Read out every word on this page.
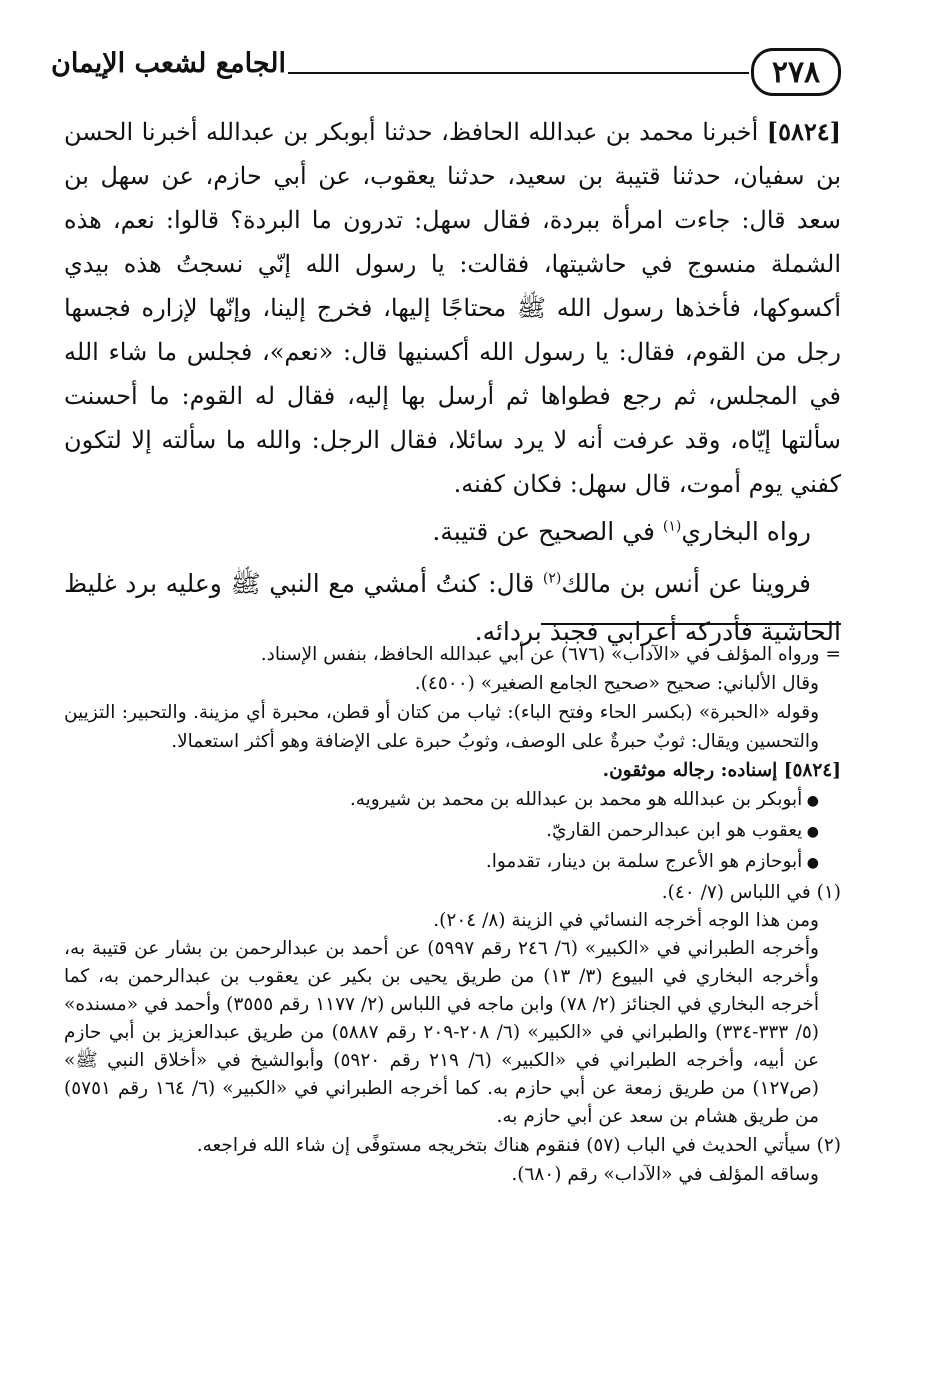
٢٧٨
الجامع لشعب الإيمان

[٥٨٢٤] أخبرنا محمد بن عبدالله الحافظ، حدثنا أبوبكر بن عبدالله أخبرنا الحسن بن سفيان، حدثنا قتيبة بن سعيد، حدثنا يعقوب، عن أبي حازم، عن سهل بن سعد قال: جاءت امرأة ببردة، فقال سهل: تدرون ما البردة؟ قالوا: نعم، هذه الشملة منسوج في حاشيتها، فقالت: يا رسول الله إنّي نسجتُ هذه بيدي أكسوكها، فأخذها رسول الله ﷺ محتاجًا إليها، فخرج إلينا، وإنّها لإزاره فجسها رجل من القوم، فقال: يا رسول الله أكسنيها قال: «نعم»، فجلس ما شاء الله في المجلس، ثم رجع فطواها ثم أرسل بها إليه، فقال له القوم: ما أحسنت سألتها إيّاه، وقد عرفت أنه لا يرد سائلا، فقال الرجل: والله ما سألته إلا لتكون كفني يوم أموت، قال سهل: فكان كفنه.

رواه البخاري$^{(١)}$ في الصحيح عن قتيبة.

فروينا عن أنس بن مالك$^{(٢)}$ قال: كنتُ أمشي مع النبي ﷺ وعليه برد غليظ الحاشية فأدركه أعرابي فجبذ بردائه.

= ورواه المؤلف في «الآداب» (٦٧٦) عن أبي عبدالله الحافظ، بنفس الإسناد.

وقال الألباني: صحيح «صحيح الجامع الصغير» (٤٥٠٠).

وقوله «الحبرة» (بكسر الحاء وفتح الباء): ثياب من كتان أو قطن، محبرة أي مزينة. والتحبير: التزيين والتحسين ويقال: ثوبٌ حبرةٌ على الوصف، وثوبُ حبرة على الإضافة وهو أكثر استعمالا.

[٥٨٢٤] إسناده: رجاله موثقون.

● أبوبكر بن عبدالله هو محمد بن عبدالله بن محمد بن شيرويه.
● يعقوب هو ابن عبدالرحمن القاريّ.
● أبوحازم هو الأعرج سلمة بن دينار، تقدموا.

(١) في اللباس (٧/ ٤٠).

ومن هذا الوجه أخرجه النسائي في الزينة (٨/ ٢٠٤).

وأخرجه الطبراني في «الكبير» (٦/ ٢٤٦ رقم ٥٩٩٧) عن أحمد بن عبدالرحمن بن بشار عن قتيبة به، وأخرجه البخاري في البيوع (٣/ ١٣) من طريق يحيى بن بكير عن يعقوب بن عبدالرحمن به، كما أخرجه البخاري في الجنائز (٢/ ٧٨) وابن ماجه في اللباس (٢/ ١١٧٧ رقم ٣٥٥٥) وأحمد في «مسنده» (٥/ ٣٣٣-٣٣٤) والطبراني في «الكبير» (٦/ ٢٠٨-٢٠٩ رقم ٥٨٨٧) من طريق عبدالعزيز بن أبي حازم عن أبيه، وأخرجه الطبراني في «الكبير» (٦/ ٢١٩ رقم ٥٩٢٠) وأبوالشيخ في «أخلاق النبي ﷺ» (ص١٢٧) من طريق زمعة عن أبي حازم به. كما أخرجه الطبراني في «الكبير» (٦/ ١٦٤ رقم ٥٧٥١) من طريق هشام بن سعد عن أبي حازم به.

(٢) سيأتي الحديث في الباب (٥٧) فنقوم هناك بتخريجه مستوفًى إن شاء الله فراجعه.

وساقه المؤلف في «الآداب» رقم (٦٨٠).
